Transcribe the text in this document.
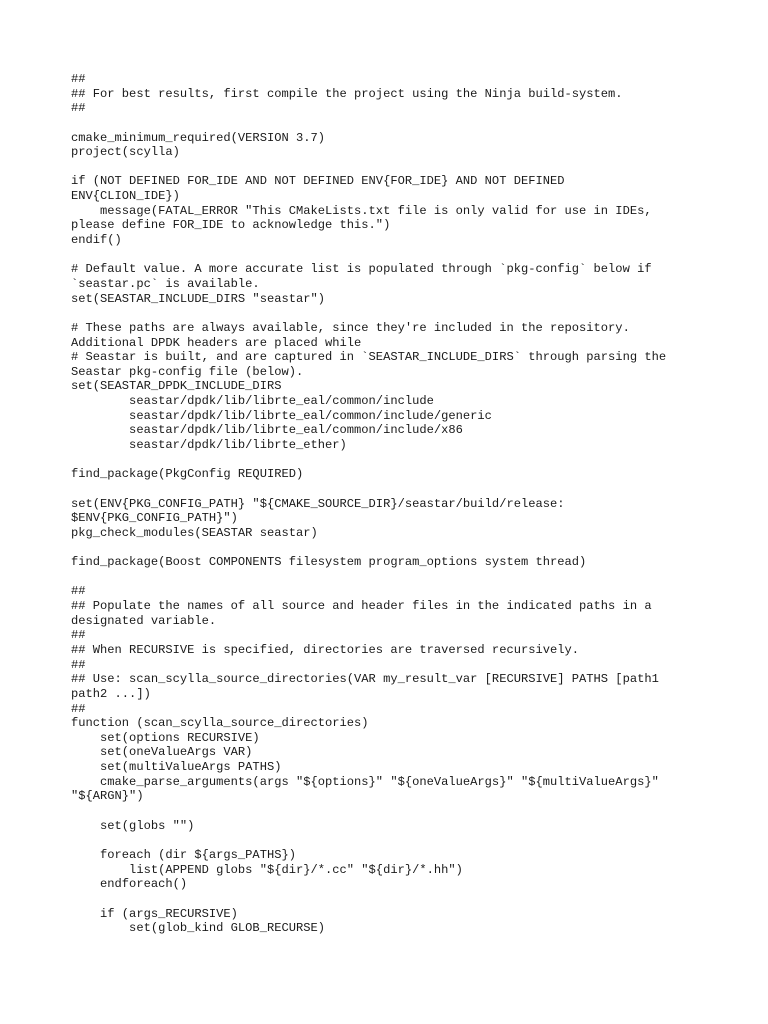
##
## For best results, first compile the project using the Ninja build-system.
##
cmake_minimum_required(VERSION 3.7)
project(scylla)
if (NOT DEFINED FOR_IDE AND NOT DEFINED ENV{FOR_IDE} AND NOT DEFINED
ENV{CLION_IDE})
message(FATAL_ERROR "This CMakeLists.txt file is only valid for use in IDEs,
please define FOR_IDE to acknowledge this.")
endif()
# Default value. A more accurate list is populated through `pkg-config` below if
`seastar.pc` is available.
set(SEASTAR_INCLUDE_DIRS "seastar")
# These paths are always available, since they're included in the repository.
Additional DPDK headers are placed while
# Seastar is built, and are captured in `SEASTAR_INCLUDE_DIRS` through parsing the
Seastar pkg-config file (below).
set(SEASTAR_DPDK_INCLUDE_DIRS
seastar/dpdk/lib/librte_eal/common/include
seastar/dpdk/lib/librte_eal/common/include/generic
seastar/dpdk/lib/librte_eal/common/include/x86
seastar/dpdk/lib/librte_ether)
find_package(PkgConfig REQUIRED)
set(ENV{PKG_CONFIG_PATH} "${CMAKE_SOURCE_DIR}/seastar/build/release:
$ENV{PKG_CONFIG_PATH}")
pkg_check_modules(SEASTAR seastar)
find_package(Boost COMPONENTS filesystem program_options system thread)
##
## Populate the names of all source and header files in the indicated paths in a
designated variable.
##
## When RECURSIVE is specified, directories are traversed recursively.
##
## Use: scan_scylla_source_directories(VAR my_result_var [RECURSIVE] PATHS [path1
path2 ...])
##
function (scan_scylla_source_directories)
set(options RECURSIVE)
set(oneValueArgs VAR)
set(multiValueArgs PATHS)
cmake_parse_arguments(args "${options}" "${oneValueArgs}" "${multiValueArgs}"
"${ARGN}")
set(globs "")
foreach (dir ${args_PATHS})
list(APPEND globs "${dir}/*.cc" "${dir}/*.hh")
endforeach()
if (args_RECURSIVE)
set(glob_kind GLOB_RECURSE)
